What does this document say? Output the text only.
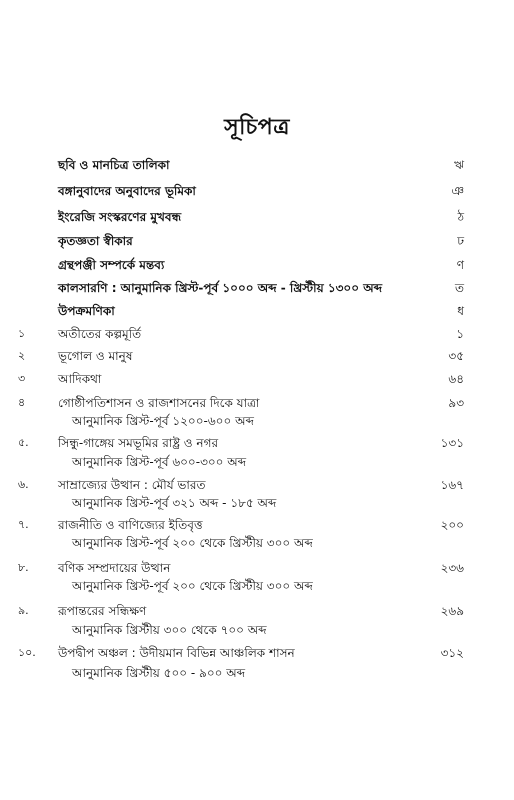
সূচিপত্র
ছবি ও মানচিত্র তালিকা	ঋ
বঙ্গানুবাদের অনুবাদের ভূমিকা	ঞ
ইংরেজি সংস্করণের মুখবন্ধ	ঠ
কৃতজ্ঞতা স্বীকার	ঢ
গ্রন্থপঞ্জী সম্পর্কে মন্তব্য	ণ
কালসারণি : আনুমানিক খ্রিস্ট-পূর্ব ১০০০ অব্দ - খ্রিস্টীয় ১৩০০ অব্দ	ত
উপক্রমণিকা	ধ
১	অতীতের কল্পমূর্তি	১
২	ভূগোল ও মানুষ	৩৫
৩	আদিকথা	৬৪
৪	গোষ্ঠীপতিশাসন ও রাজশাসনের দিকে যাত্রা	৯৩
আনুমানিক খ্রিস্ট-পূর্ব ১২০০-৬০০ অব্দ
৫. সিন্ধু-গাঙ্গেয় সমভূমির রাষ্ট্র ও নগর	১৩১
আনুমানিক খ্রিস্ট-পূর্ব ৬০০-৩০০ অব্দ
৬. সাম্রাজ্যের উত্থান : মৌর্য ভারত	১৬৭
আনুমানিক খ্রিস্ট-পূর্ব ৩২১ অব্দ - ১৮৫ অব্দ
৭. রাজনীতি ও বাণিজ্যের ইতিবৃত্ত	২০০
আনুমানিক খ্রিস্ট-পূর্ব ২০০ থেকে খ্রিস্টীয় ৩০০ অব্দ
৮. বণিক সম্প্রদায়ের উত্থান	২৩৬
আনুমানিক খ্রিস্ট-পূর্ব ২০০ থেকে খ্রিস্টীয় ৩০০ অব্দ
৯. রূপান্তরের সন্ধিক্ষণ	২৬৯
আনুমানিক খ্রিস্টীয় ৩০০ থেকে ৭০০ অব্দ
১০. উপদ্বীপ অঞ্চল : উদীয়মান বিভিন্ন আঞ্চলিক শাসন	৩১২
আনুমানিক খ্রিস্টীয় ৫০০ - ৯০০ অব্দ
